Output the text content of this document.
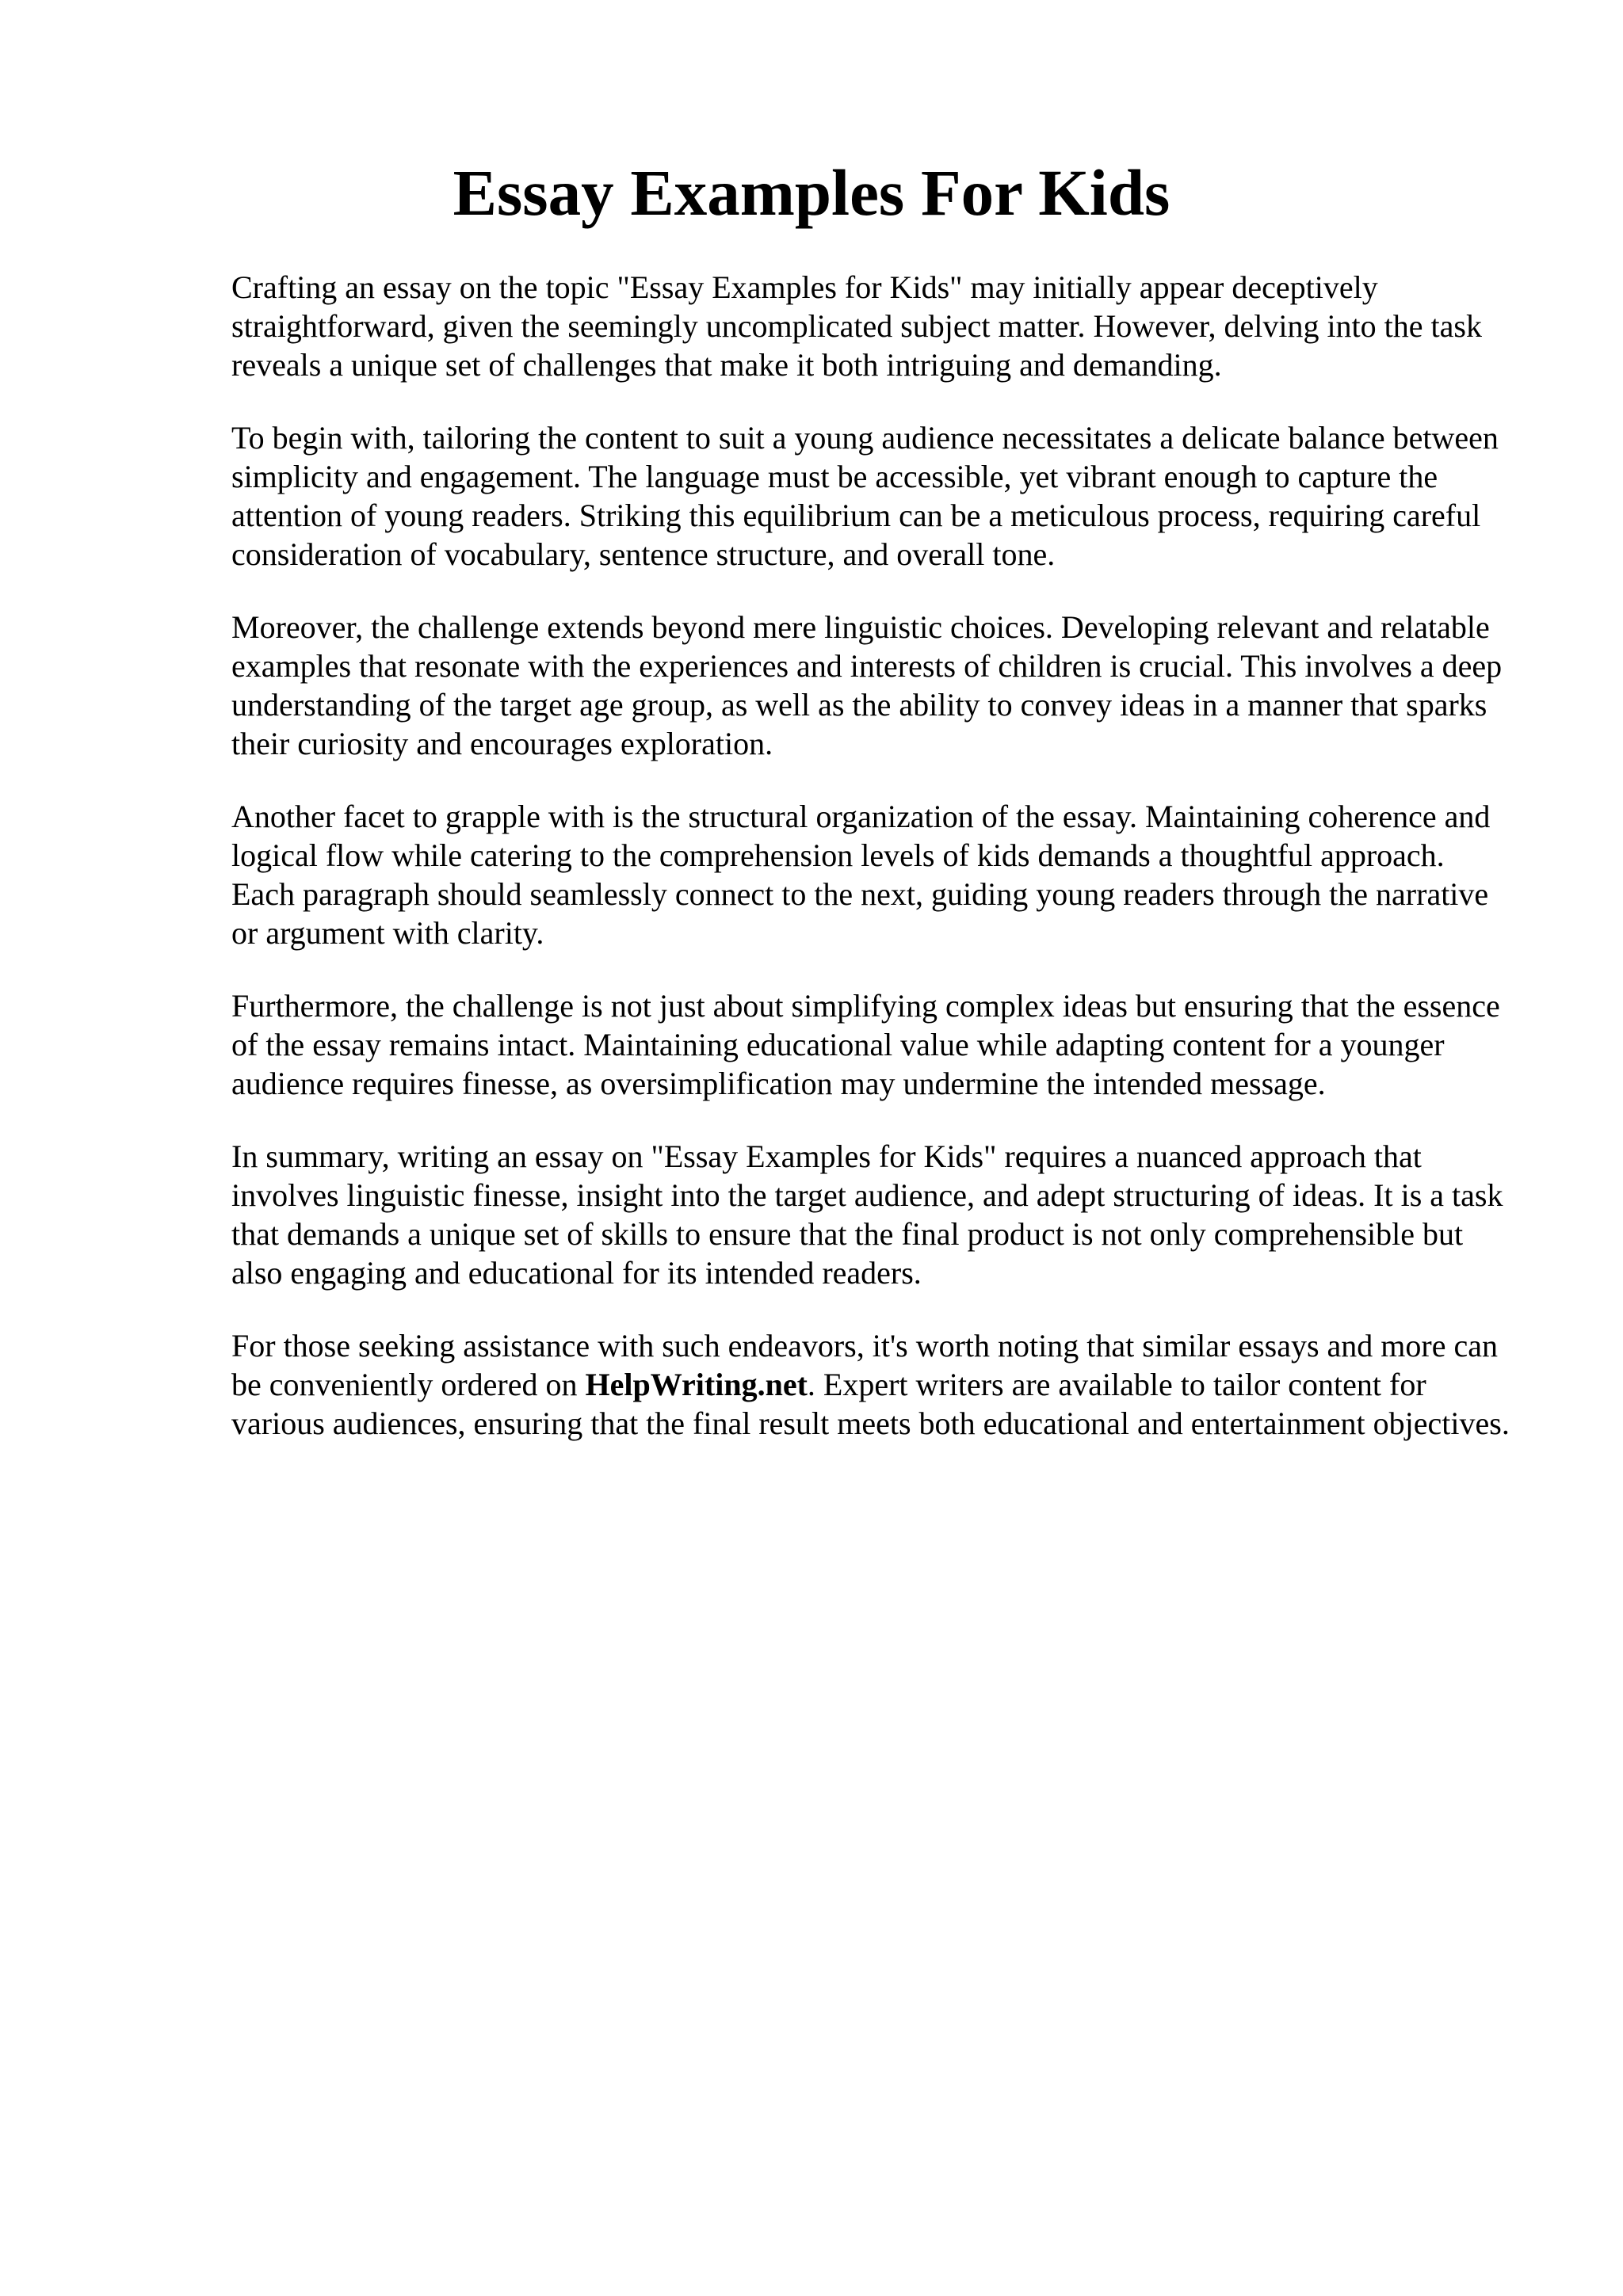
Essay Examples For Kids

Crafting an essay on the topic "Essay Examples for Kids" may initially appear deceptively straightforward, given the seemingly uncomplicated subject matter. However, delving into the task reveals a unique set of challenges that make it both intriguing and demanding.

To begin with, tailoring the content to suit a young audience necessitates a delicate balance between simplicity and engagement. The language must be accessible, yet vibrant enough to capture the attention of young readers. Striking this equilibrium can be a meticulous process, requiring careful consideration of vocabulary, sentence structure, and overall tone.

Moreover, the challenge extends beyond mere linguistic choices. Developing relevant and relatable examples that resonate with the experiences and interests of children is crucial. This involves a deep understanding of the target age group, as well as the ability to convey ideas in a manner that sparks their curiosity and encourages exploration.

Another facet to grapple with is the structural organization of the essay. Maintaining coherence and logical flow while catering to the comprehension levels of kids demands a thoughtful approach. Each paragraph should seamlessly connect to the next, guiding young readers through the narrative or argument with clarity.

Furthermore, the challenge is not just about simplifying complex ideas but ensuring that the essence of the essay remains intact. Maintaining educational value while adapting content for a younger audience requires finesse, as oversimplification may undermine the intended message.

In summary, writing an essay on "Essay Examples for Kids" requires a nuanced approach that involves linguistic finesse, insight into the target audience, and adept structuring of ideas. It is a task that demands a unique set of skills to ensure that the final product is not only comprehensible but also engaging and educational for its intended readers.

For those seeking assistance with such endeavors, it's worth noting that similar essays and more can be conveniently ordered on HelpWriting.net. Expert writers are available to tailor content for various audiences, ensuring that the final result meets both educational and entertainment objectives.
